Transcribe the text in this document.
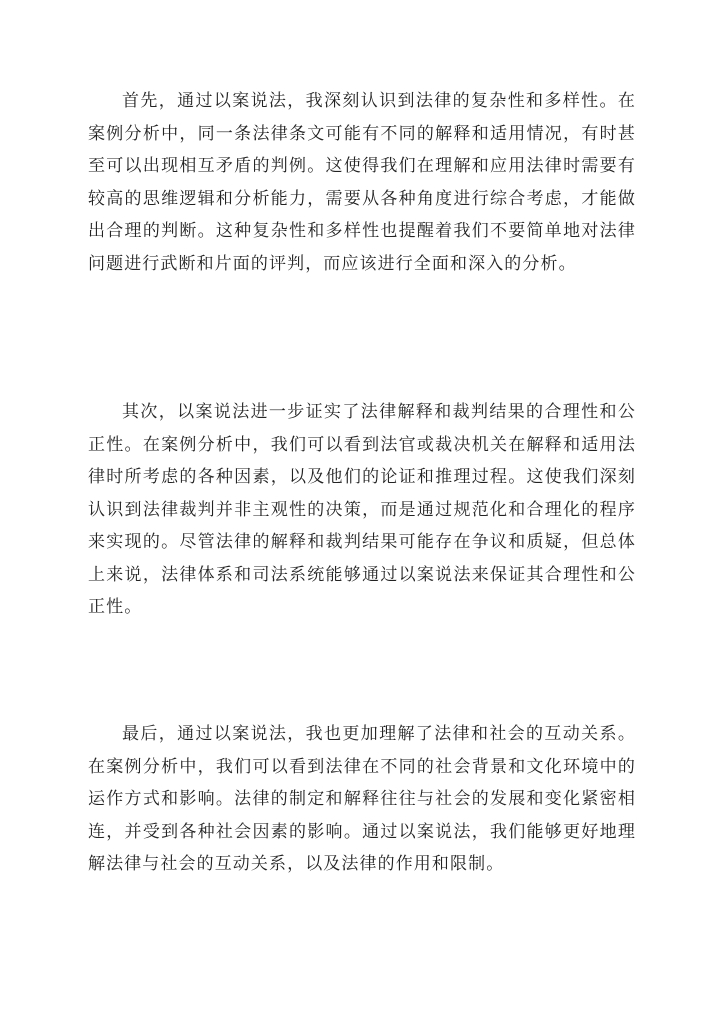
首先，通过以案说法，我深刻认识到法律的复杂性和多样性。在案例分析中，同一条法律条文可能有不同的解释和适用情况，有时甚至可以出现相互矛盾的判例。这使得我们在理解和应用法律时需要有较高的思维逻辑和分析能力，需要从各种角度进行综合考虑，才能做出合理的判断。这种复杂性和多样性也提醒着我们不要简单地对法律问题进行武断和片面的评判，而应该进行全面和深入的分析。

其次，以案说法进一步证实了法律解释和裁判结果的合理性和公正性。在案例分析中，我们可以看到法官或裁决机关在解释和适用法律时所考虑的各种因素，以及他们的论证和推理过程。这使我们深刻认识到法律裁判并非主观性的决策，而是通过规范化和合理化的程序来实现的。尽管法律的解释和裁判结果可能存在争议和质疑，但总体上来说，法律体系和司法系统能够通过以案说法来保证其合理性和公正性。

最后，通过以案说法，我也更加理解了法律和社会的互动关系。在案例分析中，我们可以看到法律在不同的社会背景和文化环境中的运作方式和影响。法律的制定和解释往往与社会的发展和变化紧密相连，并受到各种社会因素的影响。通过以案说法，我们能够更好地理解法律与社会的互动关系，以及法律的作用和限制。
